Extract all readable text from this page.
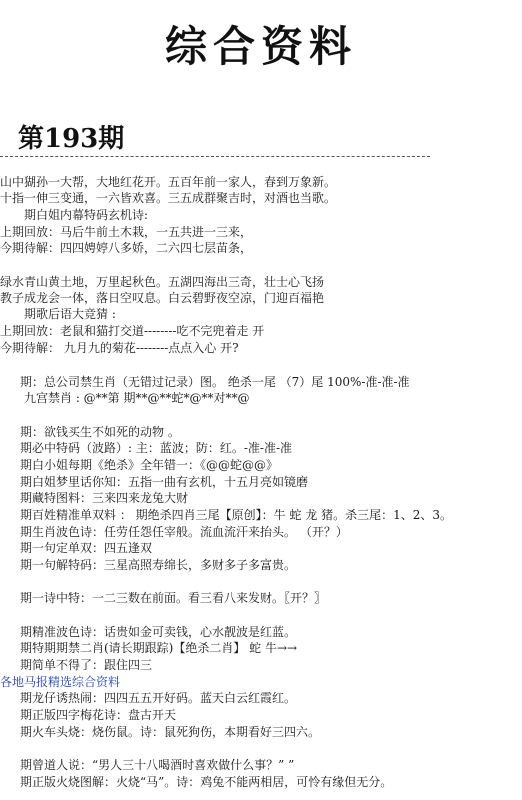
综合资料
第193期
山中猢孙一大帮，大地红花开。五百年前一家人，春到万象新。
十指一伸三变通，一六皆欢喜。三五成群聚吉时，对酒也当歌。
期白姐内幕特码玄机诗:
上期回放：马后牛前土木栽，一五共进一三来，
今期待解：四四娉婷八多娇，二六四七层苗条，
绿水青山黄土地，万里起秋色。五湖四海出三奇，壮士心飞扬
教子成龙会一体，落日空叹息。白云碧野夜空凉，门迎百福艳
期歌后语大竞猜 :
上期回放：老鼠和猫打交道--------吃不完兜着走 开
今期待解： 九月九的菊花--------点点入心 开?
期：总公司禁生肖（无错过记录）图。 绝杀一尾 （7）尾 100%-准-准-准
九宫禁肖 : @**第 期**@**蛇*@**对**@
期：欲钱买生不如死的动物 。
期必中特码（波路）: 主：蓝波；防：红。-准-准-准
期白小姐每期《绝杀》全年错一：《@@蛇@@》
期白姐梦里话你知：五指一曲有玄机，十五月亮如镜磨
期藏特图料：三来四来龙兔大财
期百姓精准单双料 ： 期绝杀四肖三尾【原创】：牛 蛇 龙 猪。杀三尾：1、2、3。
期生肖波色诗：任劳任怨任宰般。流血流汗来抬头。 （开？）
期一句定单双：四五逢双
期一句解特码：三星高照寿绵长，多财多子多富贵。
期一诗中特：一二三数在前面。看三看八来发财。〖开？〗
期精准波色诗：话贵如金可卖钱，心水靓波是红蓝。
期特期期禁二肖(请长期跟踪)【绝杀二肖】 蛇 牛→→
期简单不得了：跟住四三
各地马报精选综合资料
期龙仔诱热闹：四四五五开好码。蓝天白云红霞红。
期正版四字梅花诗：盘古开天
期火车头烧：烧伤鼠。诗：鼠死狗伤，本期看好三四六。
期曾道人说：“男人三十八喝酒时喜欢做什么事？” ”
期正版火烧图解：火烧“马”。诗：鸡兔不能两相居，可怜有缘但无分。
